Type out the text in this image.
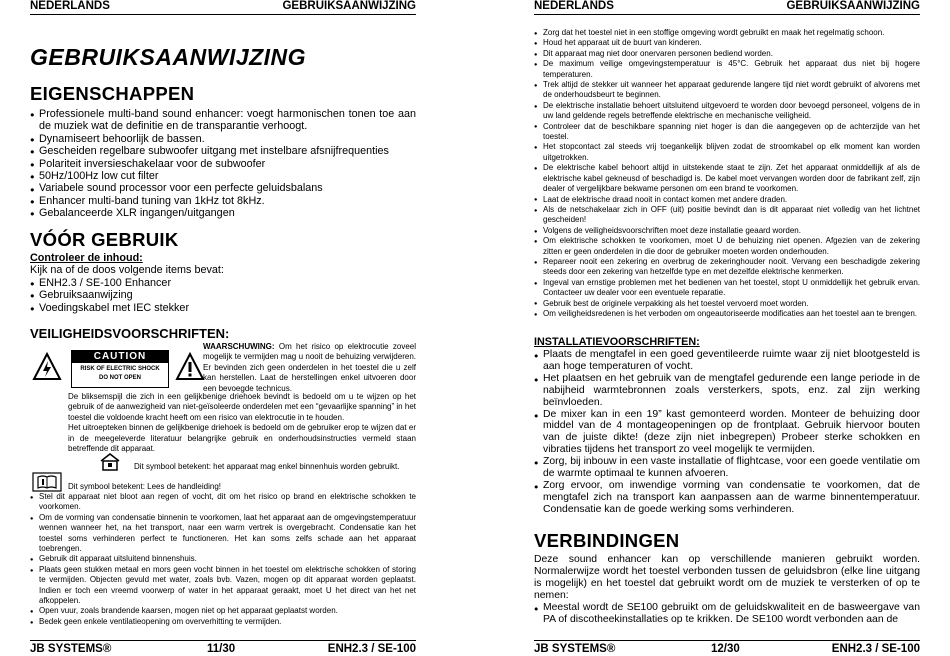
NEDERLANDS	GEBRUIKSAANWIJZING
GEBRUIKSAANWIJZING
EIGENSCHAPPEN
● Professionele multi-band sound enhancer: voegt harmonischen tonen toe aan de muziek wat de definitie en de transparantie verhoogt.
● Dynamiseert behoorlijk de bassen.
● Gescheiden regelbare subwoofer uitgang met instelbare afsnijfrequenties
● Polariteit inversieschakelaar voor de subwoofer
● 50Hz/100Hz low cut filter
● Variabele sound processor voor een perfecte geluidsbalans
● Enhancer multi-band tuning van 1kHz tot 8kHz.
● Gebalanceerde XLR ingangen/uitgangen
VÓÓR GEBRUIK
Controleer de inhoud:
Kijk na of de doos volgende items bevat:
● ENH2.3 / SE-100 Enhancer
● Gebruiksaanwijzing
● Voedingskabel met IEC stekker
VEILIGHEIDSVOORSCHRIFTEN:
CAUTION
RISK OF ELECTRIC SHOCK
DO NOT OPEN
WAARSCHUWING: Om het risico op elektrocutie zoveel mogelijk te vermijden mag u nooit de behuizing verwijderen. Er bevinden zich geen onderdelen in het toestel die u zelf kan herstellen. Laat de herstellingen enkel uitvoeren door een bevoegde technicus.
De bliksemspijl die zich in een gelijkbenige driehoek bevindt is bedoeld om u te wijzen op het gebruik of de aanwezigheid van niet-geïsoleerde onderdelen met een “gevaarlijke spanning” in het toestel die voldoende kracht heeft om een risico van elektrocutie in te houden.
Het uitroepteken binnen de gelijkbenige driehoek is bedoeld om de gebruiker erop te wijzen dat er in de meegeleverde literatuur belangrijke gebruik en onderhoudsinstructies vermeld staan betreffende dit apparaat.
Dit symbool betekent: het apparaat mag enkel binnenhuis worden gebruikt.
Dit symbool betekent: Lees de handleiding!
● Stel dit apparaat niet bloot aan regen of vocht, dit om het risico op brand en elektrische schokken te voorkomen.
● Om de vorming van condensatie binnenin te voorkomen, laat het apparaat aan de omgevingstemperatuur wennen wanneer het, na het transport, naar een warm vertrek is overgebracht. Condensatie kan het toestel soms verhinderen perfect te functioneren. Het kan soms zelfs schade aan het apparaat toebrengen.
● Gebruik dit apparaat uitsluitend binnenshuis.
● Plaats geen stukken metaal en mors geen vocht binnen in het toestel om elektrische schokken of storing te vermijden. Objecten gevuld met water, zoals bvb. Vazen, mogen op dit apparaat worden geplaatst. Indien er toch een vreemd voorwerp of water in het apparaat geraakt, moet U het direct van het net afkoppelen.
● Open vuur, zoals brandende kaarsen, mogen niet op het apparaat geplaatst worden.
● Bedek geen enkele ventilatieopening om oververhitting te vermijden.
JB SYSTEMS®	11/30	ENH2.3 / SE-100
NEDERLANDS	GEBRUIKSAANWIJZING
● Zorg dat het toestel niet in een stoffige omgeving wordt gebruikt en maak het regelmatig schoon.
● Houd het apparaat uit de buurt van kinderen.
● Dit apparaat mag niet door onervaren personen bediend worden.
● De maximum veilige omgevingstemperatuur is 45°C. Gebruik het apparaat dus niet bij hogere temperaturen.
● Trek altijd de stekker uit wanneer het apparaat gedurende langere tijd niet wordt gebruikt of alvorens met de onderhoudsbeurt te beginnen.
● De elektrische installatie behoert uitsluitend uitgevoerd te worden door bevoegd personeel, volgens de in uw land geldende regels betreffende elektrische en mechanische veiligheid.
● Controleer dat de beschikbare spanning niet hoger is dan die aangegeven op de achterzijde van het toestel.
● Het stopcontact zal steeds vrij toegankelijk blijven zodat de stroomkabel op elk moment kan worden uitgetrokken.
● De elektrische kabel behoort altijd in uitstekende staat te zijn. Zet het apparaat onmiddellijk af als de elektrische kabel gekneusd of beschadigd is. De kabel moet vervangen worden door de fabrikant zelf, zijn dealer of vergelijkbare bekwame personen om een brand te voorkomen.
● Laat de elektrische draad nooit in contact komen met andere draden.
● Als de netschakelaar zich in OFF (uit) positie bevindt dan is dit apparaat niet volledig van het lichtnet gescheiden!
● Volgens de veiligheidsvoorschriften moet deze installatie geaard worden.
● Om elektrische schokken te voorkomen, moet U de behuizing niet openen. Afgezien van de zekering zitten er geen onderdelen in die door de gebruiker moeten worden onderhouden.
● Repareer nooit een zekering en overbrug de zekeringhouder nooit. Vervang een beschadigde zekering steeds door een zekering van hetzelfde type en met dezelfde elektrische kenmerken.
● Ingeval van ernstige problemen met het bedienen van het toestel, stopt U onmiddellijk het gebruik ervan. Contacteer uw dealer voor een eventuele reparatie.
● Gebruik best de originele verpakking als het toestel vervoerd moet worden.
● Om veiligheidsredenen is het verboden om ongeautoriseerde modificaties aan het toestel aan te brengen.
INSTALLATIEVOORSCHRIFTEN:
● Plaats de mengtafel in een goed geventileerde ruimte waar zij niet blootgesteld is aan hoge temperaturen of vocht.
● Het plaatsen en het gebruik van de mengtafel gedurende een lange periode in de nabijheid warmtebronnen zoals versterkers, spots, enz. zal zijn werking beïnvloeden.
● De mixer kan in een 19” kast gemonteerd worden. Monteer de behuizing door middel van de 4 montageopeningen op de frontplaat. Gebruik hiervoor bouten van de juiste dikte! (deze zijn niet inbegrepen) Probeer sterke schokken en vibraties tijdens het transport zo veel mogelijk te vermijden.
● Zorg, bij inbouw in een vaste installatie of flightcase, voor een goede ventilatie om de warmte optimaal te kunnen afvoeren.
● Zorg ervoor, om inwendige vorming van condensatie te voorkomen, dat de mengtafel zich na transport kan aanpassen aan de warme binnentemperatuur. Condensatie kan de goede werking soms verhinderen.
VERBINDINGEN
Deze sound enhancer kan op verschillende manieren gebruikt worden. Normalerwijze wordt het toestel verbonden tussen de geluidsbron (elke line uitgang is mogelijk) en het toestel dat gebruikt wordt om de muziek te versterken of op te nemen:
● Meestal wordt de SE100 gebruikt om de geluidskwaliteit en de basweergave van PA of discotheekinstallaties op te krikken. De SE100 wordt verbonden aan de
JB SYSTEMS®	12/30	ENH2.3 / SE-100
